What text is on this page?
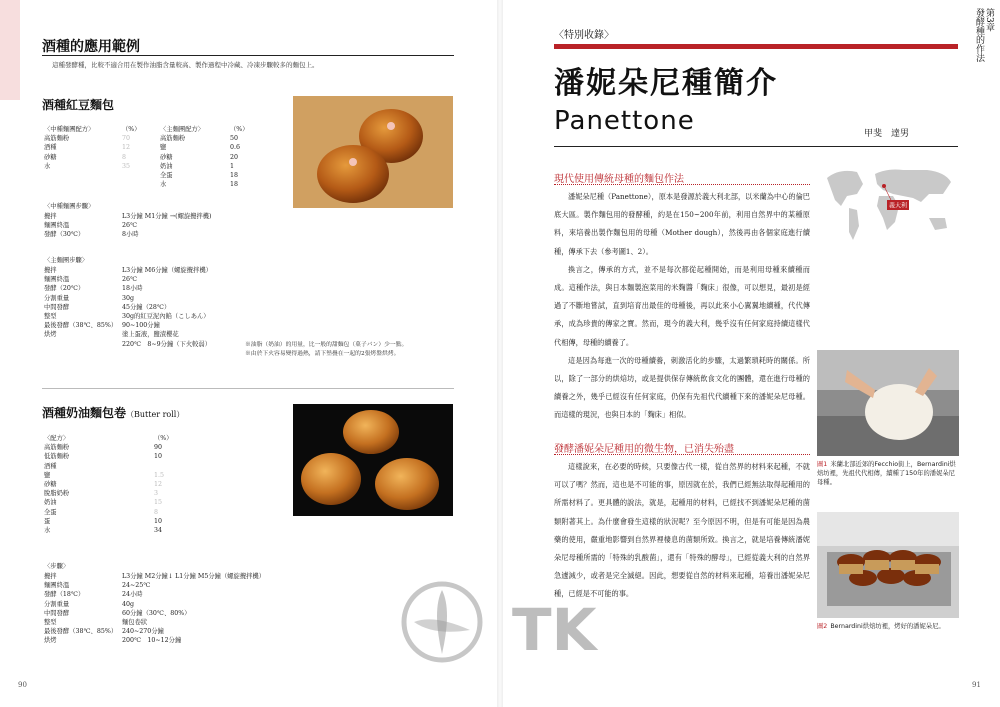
酒種的應用範例
這種發酵種，比較不適合用在製作油脂含量較高、製作過程中冷藏、冷凍步驟較多的麵包上。
酒種紅豆麵包
〈中種麵團配方〉	（%）
高筋麵粉	70
酒種	12
砂糖	8
水	35
〈主麵團配方〉	（%）
高筋麵粉	50
鹽	0.6
砂糖	20
奶油	1
全蛋	18
水	18
〈中種麵團步驟〉
攪拌	L3分鐘 M1分鐘 →(螺旋攪拌機)
麵團終溫	26℃
發酵（30℃）	8小時
〈主麵團步驟〉
攪拌	L3分鐘 M6分鐘（螺旋攪拌機）
麵團終溫	26℃
發酵（20℃）	18小時
分割重量	30g
中間發酵	45分鐘（28℃）
整型	30g的紅豆泥內餡（こしあん）
最後發酵（38℃、85%） 90~100分鐘
烘烤	塗上蛋液，鹽漬櫻花
220℃　8~9分鐘（下火較弱）	※油脂（奶油）的用量，比一般的甜麵包（菓子パン）少一點。
※由於下火容易變得過熱，請下墊疊在一起的2張烤盤烘烤。
酒種奶油麵包卷（Butter roll）
〈配方〉	（%）
高筋麵粉	90
低筋麵粉	10
酒種
鹽	1.5
砂糖	12
脫脂奶粉	3
奶油	15
全蛋	8
蛋	10
水	34
〈步驟〉
攪拌	L3分鐘 M2分鐘↓ L1分鐘 M5分鐘（螺旋攪拌機）
麵團終溫	24~25℃
發酵（18℃）	24小時
分割重量	40g
中間發酵	60分鐘（30℃、80%）
整型	麵包卷狀
最後發酵（38℃、85%） 240~270分鐘
烘烤	200℃　10~12分鐘
90
〈特別收錄〉
潘妮朵尼種簡介
Panettone	甲斐　達男
現代使用傳統母種的麵包作法

潘妮朵尼種（Panettone），原本是發源於義大利北部，以米蘭為中心的倫巴底大區。製作麵包用的發酵種，約是在150~200年前，利用自然界中的某種原料，來培養出製作麵包用的母種（Mother dough），然後再由各個家庭進行續種，傳承下去（參考圖1、2）。

換言之，傳承的方式，並不是每次都從起種開始，而是利用母種來續種而成。這種作法，與日本麵製泡菜用的米麴醬「麴床」很像，可以想見，最初是經過了不斷地嘗試，直到培育出最佳的母種後，再以此來小心翼翼地續種，代代傳承，成為珍貴的傳家之寶。然而，現今的義大利，幾乎沒有任何家庭持續這樣代代相傳，母種的續養了。

這是因為每進一次的母種續養，刺激活化的步驟，太過繁瑣耗時的關係。所以，除了一部分的烘焙坊，或是提供保存傳統飲食文化的團體，還在進行母種的續養之外，幾乎已經沒有任何家庭，仍保有先祖代代續種下來的潘妮朵尼母種。而這樣的現況，也與日本的「麴床」相似。

發酵潘妮朵尼種用的微生物，已消失殆盡

這樣說來，在必要的時候，只要像古代一樣，從自然界的材料來起種，不就可以了嗎？然而，這也是不可能的事，原因就在於，我們已經無法取得起種用的所需材料了。更具體的說法，就是，起種用的材料，已經找不到潘妮朵尼種的菌類附著其上。為什麼會發生這樣的狀況呢？至今原因不明，但是有可能是因為農藥的使用，嚴重地影響到自然界裡棲息的菌類所致。換言之，就是培養傳統潘妮朵尼母種所需的「特殊的乳酸菌」，還有「特殊的酵母」，已經從義大利的自然界急遽減少，或者是完全滅絕。因此，想要從自然的材料來起種，培養出潘妮朵尼種，已經是不可能的事。

義大利
圖1 米蘭北部近郊的Fecchio街上，Bernardini烘焙坊裡，先祖代代相傳，續種了150年的潘妮朵尼母種。
圖2 Bernardini烘焙坊裡，烤好的潘妮朵尼。
91
第3章
發酵種的作法
TK
